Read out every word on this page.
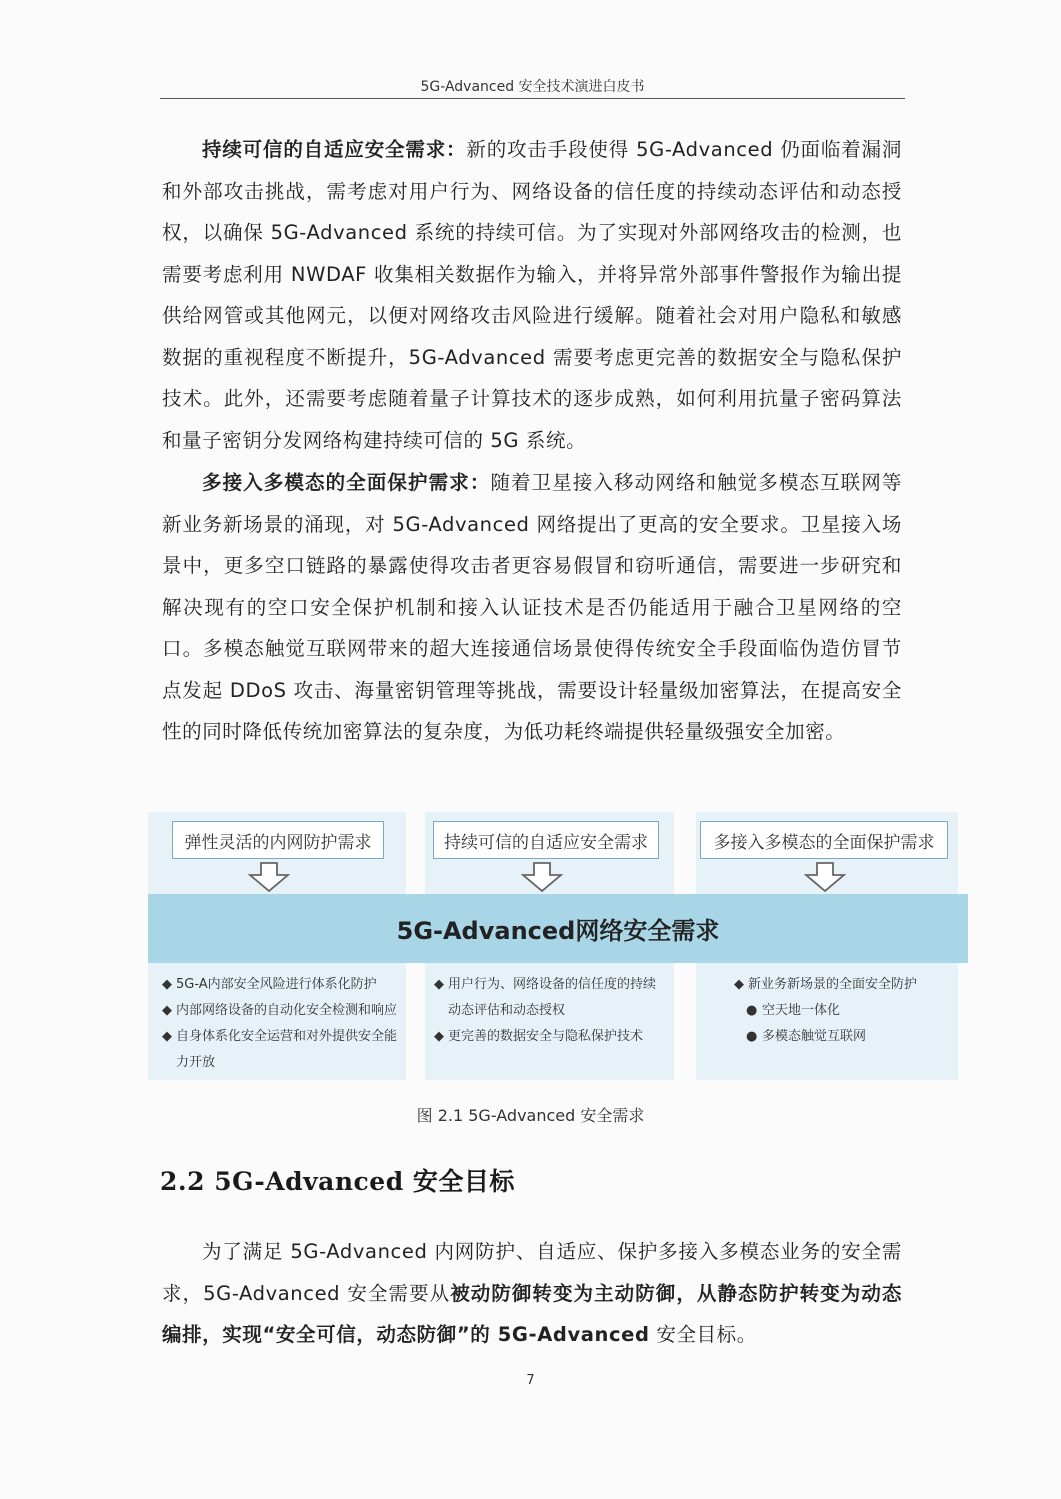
5G-Advanced 安全技术演进白皮书

持续可信的自适应安全需求：新的攻击手段使得 5G-Advanced 仍面临着漏洞和外部攻击挑战，需考虑对用户行为、网络设备的信任度的持续动态评估和动态授权，以确保 5G-Advanced 系统的持续可信。为了实现对外部网络攻击的检测，也需要考虑利用 NWDAF 收集相关数据作为输入，并将异常外部事件警报作为输出提供给网管或其他网元，以便对网络攻击风险进行缓解。随着社会对用户隐私和敏感数据的重视程度不断提升，5G-Advanced 需要考虑更完善的数据安全与隐私保护技术。此外，还需要考虑随着量子计算技术的逐步成熟，如何利用抗量子密码算法和量子密钥分发网络构建持续可信的 5G 系统。

多接入多模态的全面保护需求：随着卫星接入移动网络和触觉多模态互联网等新业务新场景的涌现，对 5G-Advanced 网络提出了更高的安全要求。卫星接入场景中，更多空口链路的暴露使得攻击者更容易假冒和窃听通信，需要进一步研究和解决现有的空口安全保护机制和接入认证技术是否仍能适用于融合卫星网络的空口。多模态触觉互联网带来的超大连接通信场景使得传统安全手段面临伪造仿冒节点发起 DDoS 攻击、海量密钥管理等挑战，需要设计轻量级加密算法，在提高安全性的同时降低传统加密算法的复杂度，为低功耗终端提供轻量级强安全加密。

弹性灵活的内网防护需求	持续可信的自适应安全需求	多接入多模态的全面保护需求
5G-Advanced网络安全需求
◆ 5G-A内部安全风险进行体系化防护
◆ 内部网络设备的自动化安全检测和响应
◆ 自身体系化安全运营和对外提供安全能力开放
◆ 用户行为、网络设备的信任度的持续动态评估和动态授权
◆ 更完善的数据安全与隐私保护技术
◆ 新业务新场景的全面安全防护
● 空天地一体化
● 多模态触觉互联网
图 2.1 5G-Advanced 安全需求
2.2 5G-Advanced 安全目标

为了满足 5G-Advanced 内网防护、自适应、保护多接入多模态业务的安全需求，5G-Advanced 安全需要从被动防御转变为主动防御，从静态防护转变为动态编排，实现“安全可信，动态防御”的 5G-Advanced 安全目标。

7
